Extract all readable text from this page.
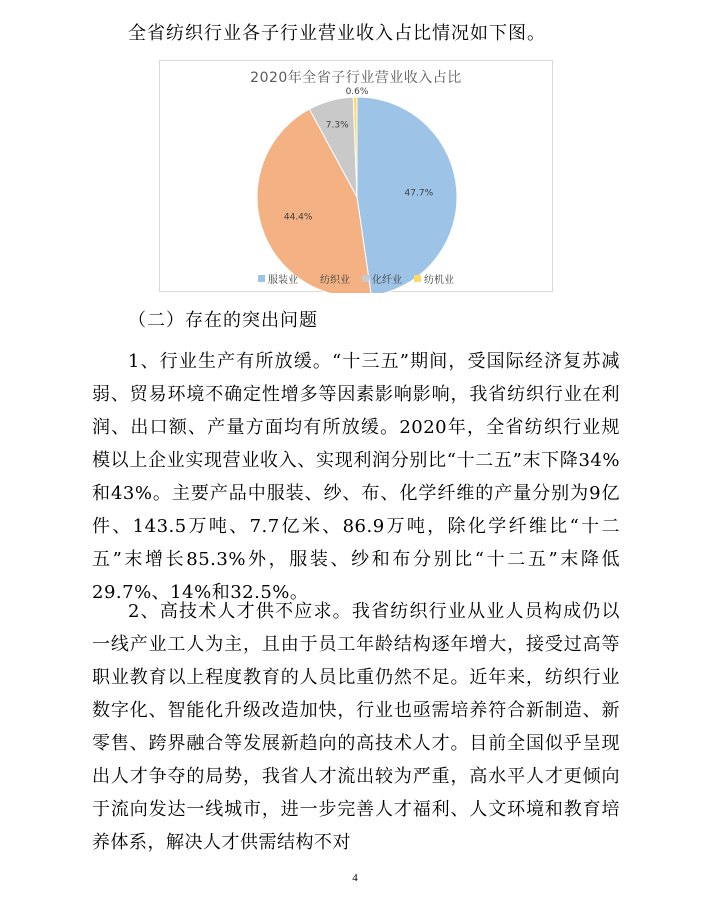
全省纺织行业各子行业营业收入占比情况如下图。
2020年全省子行业营业收入占比
47.7%
44.4%
7.3%
0.6%
服装业 纺织业 化纤业 纺机业
（二）存在的突出问题

1、行业生产有所放缓。“十三五”期间，受国际经济复苏减弱、贸易环境不确定性增多等因素影响影响，我省纺织行业在利润、出口额、产量方面均有所放缓。2020年，全省纺织行业规模以上企业实现营业收入、实现利润分别比“十二五”末下降34%和43%。主要产品中服装、纱、布、化学纤维的产量分别为9亿件、143.5万吨、7.7亿米、86.9万吨，除化学纤维比“十二五”末增长85.3%外，服装、纱和布分别比“十二五”末降低29.7%、14%和32.5%。

2、高技术人才供不应求。我省纺织行业从业人员构成仍以一线产业工人为主，且由于员工年龄结构逐年增大，接受过高等职业教育以上程度教育的人员比重仍然不足。近年来，纺织行业数字化、智能化升级改造加快，行业也亟需培养符合新制造、新零售、跨界融合等发展新趋向的高技术人才。目前全国似乎呈现出人才争夺的局势，我省人才流出较为严重，高水平人才更倾向于流向发达一线城市，进一步完善人才福利、人文环境和教育培养体系，解决人才供需结构不对

4
